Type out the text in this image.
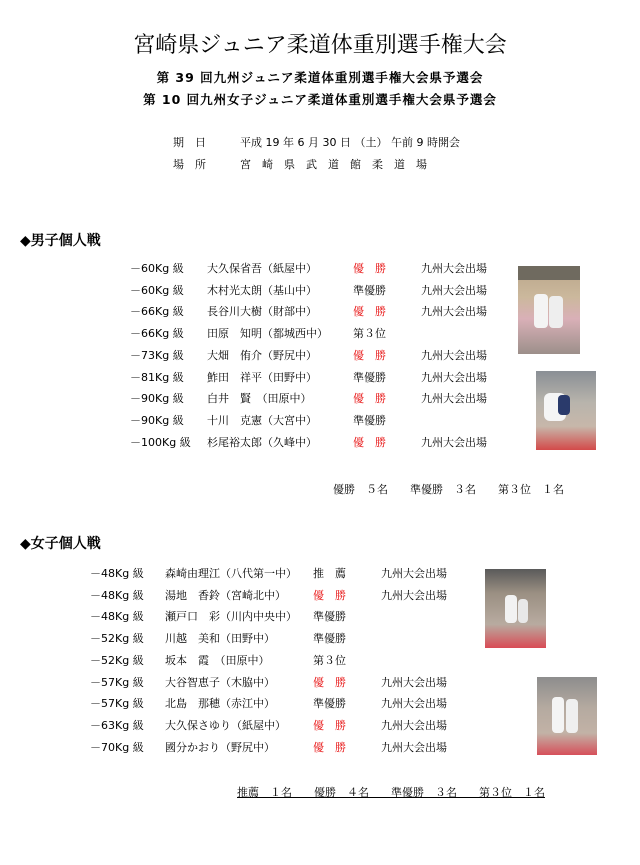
宮崎県ジュニア柔道体重別選手権大会
第 39 回九州ジュニア柔道体重別選手権大会県予選会
第 10 回九州女子ジュニア柔道体重別選手権大会県予選会
期　日	平成 19 年 6 月 30 日 （土） 午前 9 時開会
場　所	宮　崎　県　武　道　館　柔　道　場
◆男子個人戦
－60Kg 級 大久保省吾（紙屋中）	優　勝	九州大会出場
－60Kg 級 木村光太朗（基山中）	準優勝	九州大会出場
－66Kg 級 長谷川大樹（財部中）	優　勝	九州大会出場
－66Kg 級 田原　知明（都城西中） 第３位
－73Kg 級 大畑　侑介（野尻中）	優　勝	九州大会出場
－81Kg 級 鮓田　祥平（田野中）	準優勝	九州大会出場
－90Kg 級 白井　賢　（田原中）	優　勝	九州大会出場
－90Kg 級 十川　克憲（大宮中）	準優勝
－100Kg 級 杉尾裕太郎（久峰中）	優　勝	九州大会出場
優勝　５名　　準優勝　３名　　第３位　１名
◆女子個人戦
－48Kg 級 森崎由理江（八代第一中） 推　薦	九州大会出場
－48Kg 級 湯地　香鈴（宮崎北中） 優　勝	九州大会出場
－48Kg 級 瀬戸口　彩（川内中央中） 準優勝
－52Kg 級 川越　美和（田野中）	準優勝
－52Kg 級 坂本　霞　（田原中）	第３位
－57Kg 級 大谷智恵子（木脇中）	優　勝	九州大会出場
－57Kg 級 北島　那穂（赤江中）	準優勝	九州大会出場
－63Kg 級 大久保さゆり（紙屋中） 優　勝	九州大会出場
－70Kg 級 國分かおり（野尻中）	優　勝	九州大会出場
推薦　１名　　優勝　４名　　準優勝　３名　　第３位　１名
